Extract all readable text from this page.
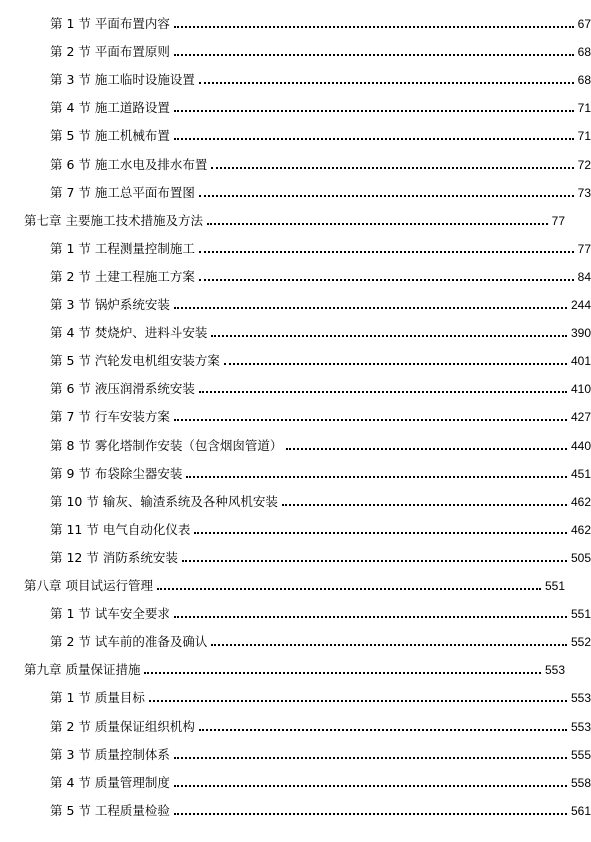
第 1 节 平面布置内容	67
第 2 节 平面布置原则	68
第 3 节 施工临时设施设置	68
第 4 节 施工道路设置	71
第 5 节 施工机械布置	71
第 6 节 施工水电及排水布置	72
第 7 节 施工总平面布置图	73
第七章 主要施工技术措施及方法	77
第 1 节 工程测量控制施工	77
第 2 节 土建工程施工方案	84
第 3 节 锅炉系统安装	244
第 4 节 焚烧炉、进料斗安装	390
第 5 节 汽轮发电机组安装方案	401
第 6 节 液压润滑系统安装	410
第 7 节 行车安装方案	427
第 8 节 雾化塔制作安装（包含烟囱管道）	440
第 9 节 布袋除尘器安装	451
第 10 节 输灰、输渣系统及各种风机安装	462
第 11 节 电气自动化仪表	462
第 12 节 消防系统安装	505
第八章 项目试运行管理	551
第 1 节 试车安全要求	551
第 2 节 试车前的准备及确认	552
第九章 质量保证措施	553
第 1 节 质量目标	553
第 2 节 质量保证组织机构	553
第 3 节 质量控制体系	555
第 4 节 质量管理制度	558
第 5 节 工程质量检验	561
